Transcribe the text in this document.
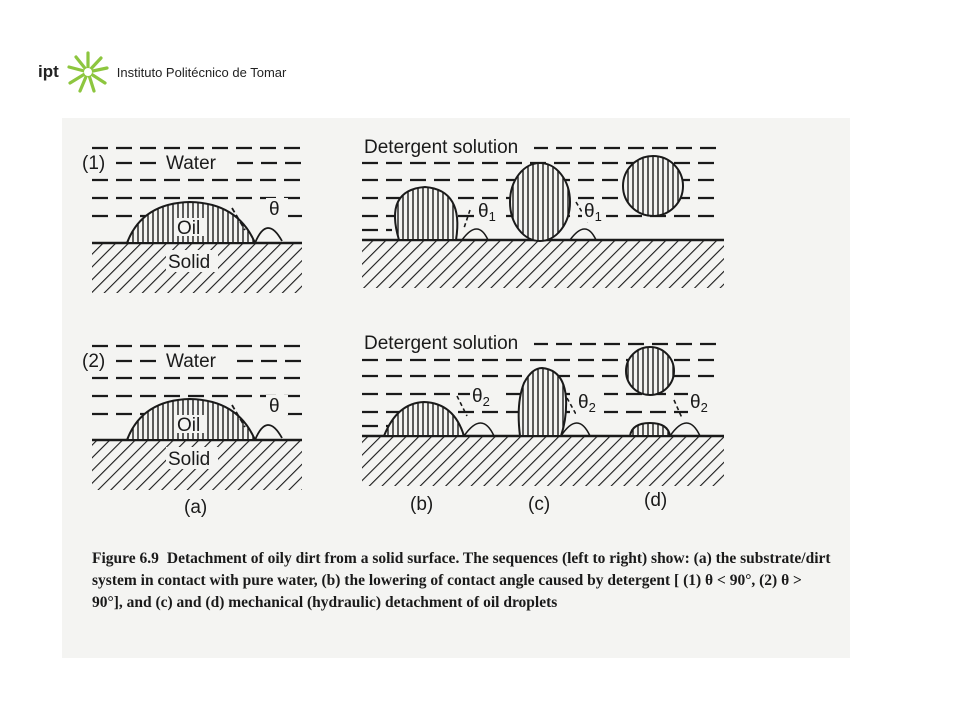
ipt	Instituto Politécnico de Tomar
Oil
Solid
(1)	Water
θ
Oil
Solid
(2)	Water
θ
(a)
$\theta_1$	$\theta_1$
Detergent solution
$\theta_2$	$\theta_2$	$\theta_2$
Detergent solution
(b)	(c)	(d)
Figure 6.9 Detachment of oily dirt from a solid surface. The sequences (left to right) show: (a) the substrate/dirt system in contact with pure water, (b) the lowering of contact angle caused by detergent [ (1) θ < 90°, (2) θ > 90°], and (c) and (d) mechanical (hydraulic) detachment of oil droplets
